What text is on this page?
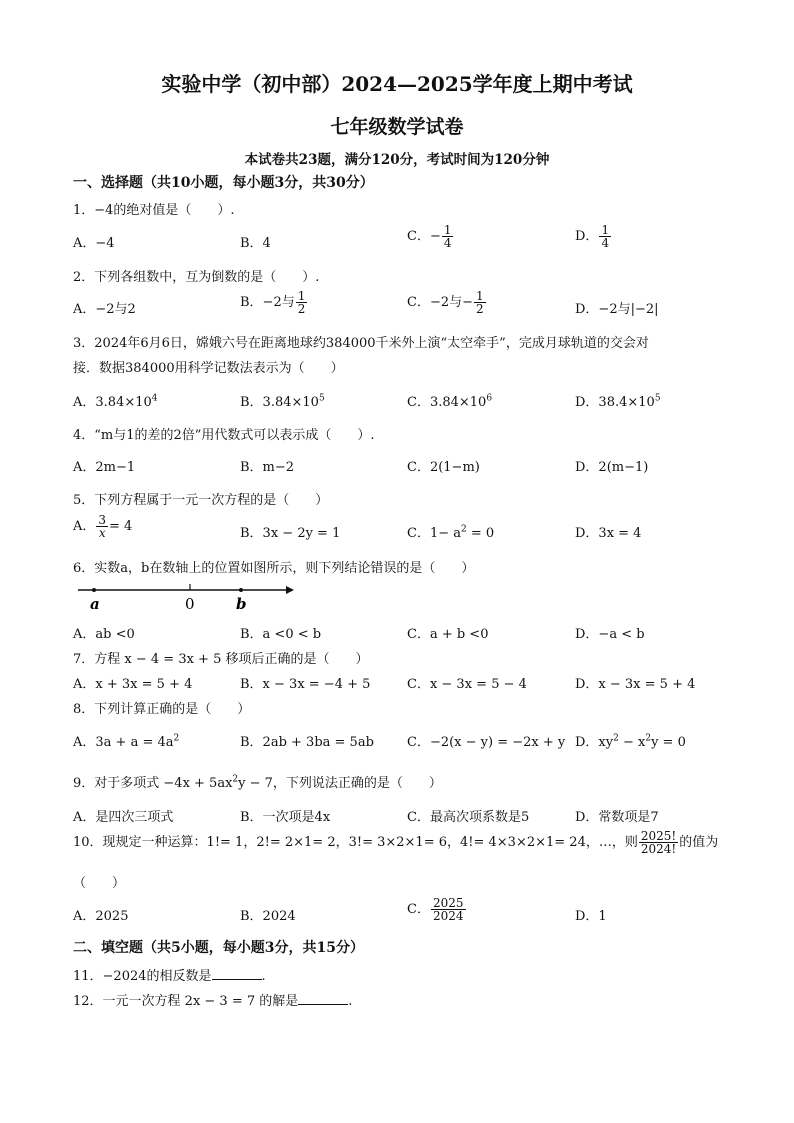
实验中学（初中部）2024—2025学年度上期中考试
七年级数学试卷
本试卷共23题，满分120分，考试时间为120分钟
一、选择题（共10小题，每小题3分，共30分）
1．−4的绝对值是（　　）.
A．−4	B．4	C．− $\frac{1}{4}$	D． $\frac{1}{4}$
2．下列各组数中，互为倒数的是（　　）.
A．−2与2	B．−2与 $\frac{1}{2}$	C．−2与− $\frac{1}{2}$	D．−2与|−2|
3．2024年6月6日，嫦娥六号在距离地球约384000千米外上演“太空牵手”，完成月球轨道的交会对
接．数据384000用科学记数法表示为（　　）
A．$3.84\times 10^4$	B．$3.84\times 10^5$	C．$3.84\times 10^6$	D．$38.4\times 10^5$
4．“m与1的差的2倍”用代数式可以表示成（　　）.
A．2m−1	B．m−2	C．2(1−m)	D．2(m−1)
5．下列方程属于一元一次方程的是（　　）
A． $\frac{3}{x} = 4$	B．3x − 2y = 1	C．$1- a^2 = 0$	D．3x = 4
6．实数a，b在数轴上的位置如图所示，则下列结论错误的是（　　）
a	0	b
A．ab <0	B．a <0 < b	C．a + b <0	D．−a < b
7．方程 x − 4 = 3x + 5 移项后正确的是（　　）
A．x + 3x = 5 + 4	B．x − 3x = −4 + 5	C．x − 3x = 5 − 4	D．x − 3x = 5 + 4
8．下列计算正确的是（　　）
A．$3a + a = 4a^2$	B．2ab + 3ba = 5ab	C．−2(x − y) = −2x + y D．$xy^2 - x^2y = 0$
9．对于多项式 $-4x + 5ax^2y - 7$，下列说法正确的是（　　）
A．是四次三项式	B．一次项是4x	C．最高次项系数是5	D．常数项是7
10．现规定一种运算：1!= 1，2!= 2×1= 2，3!= 3×2×1= 6，4!= 4×3×2×1= 24，…，则 $\frac{2025!}{2024!}$ 的值为
（　　）
A．2025	B．2024	C． $\frac{2025}{2024}$	D．1
二、填空题（共5小题，每小题3分，共15分）
11．−2024的相反数是	.
12．一元一次方程 2x − 3 = 7 的解是	.
